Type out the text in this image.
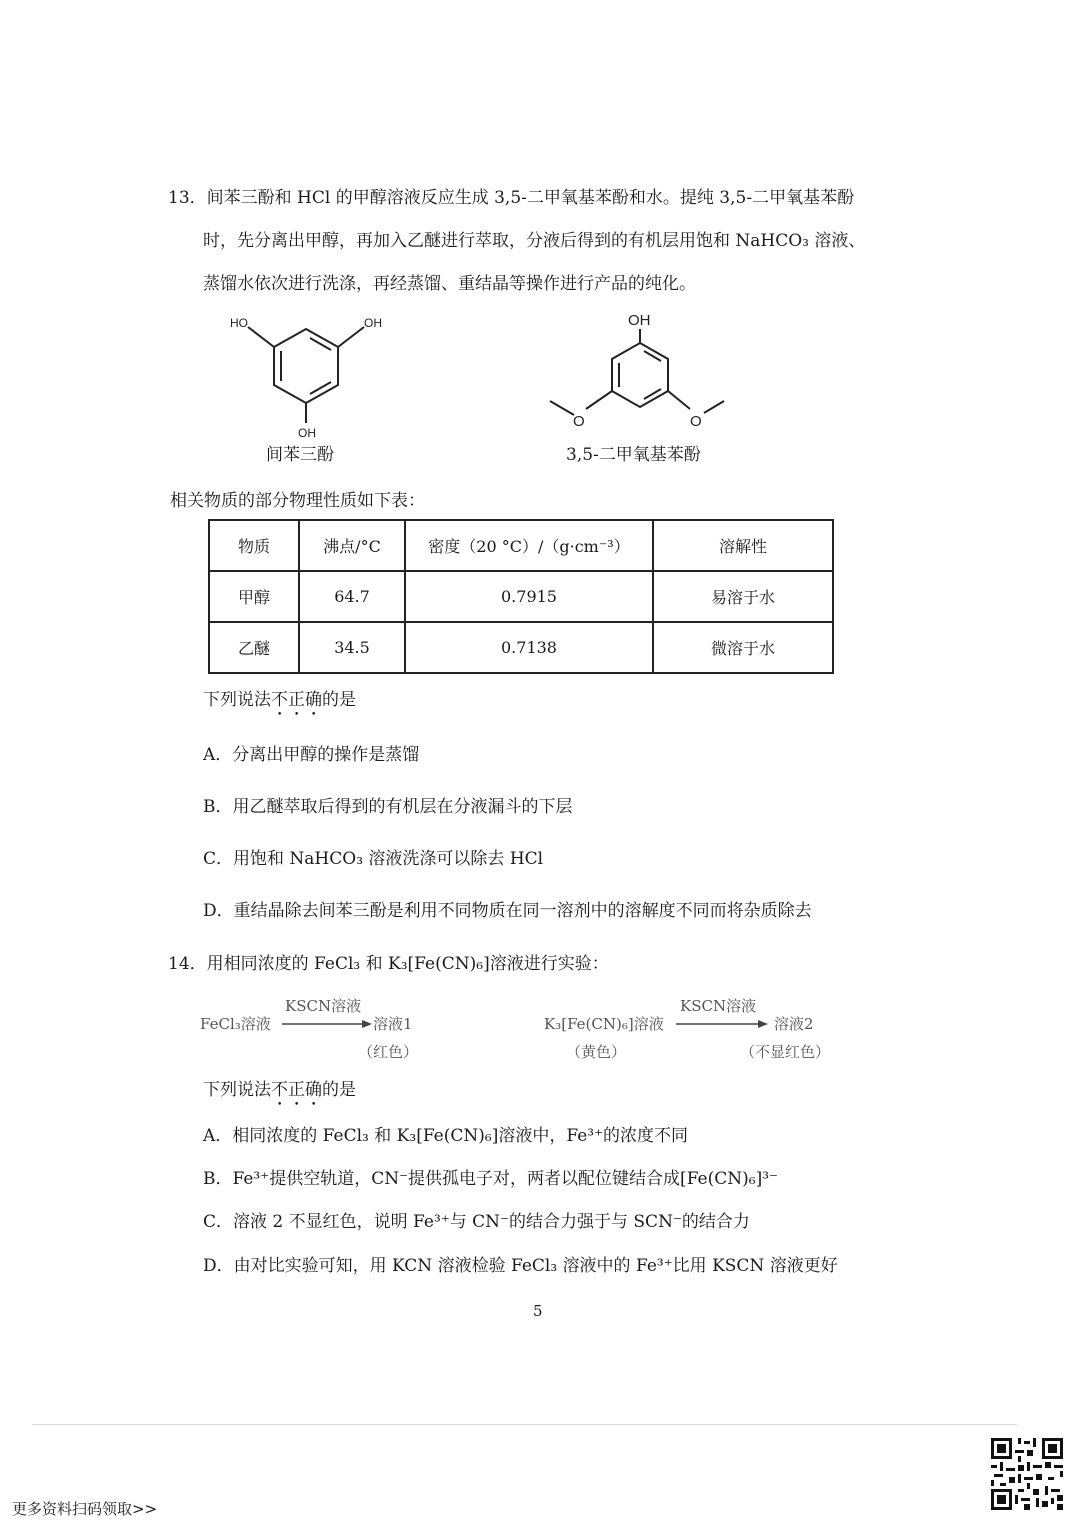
13．间苯三酚和 HCl 的甲醇溶液反应生成 3,5-二甲氧基苯酚和水。提纯 3,5-二甲氧基苯酚
时，先分离出甲醇，再加入乙醚进行萃取，分液后得到的有机层用饱和 NaHCO₃ 溶液、
蒸馏水依次进行洗涤，再经蒸馏、重结晶等操作进行产品的纯化。
HO	OH
OH
间苯三酚
OH
O	O
3,5-二甲氧基苯酚
相关物质的部分物理性质如下表：
物质	沸点/°C	密度（20 °C）/（g·cm⁻³）	溶解性
甲醇	64.7	0.7915	易溶于水
乙醚	34.5	0.7138	微溶于水
下列说法不正确的是
A．分离出甲醇的操作是蒸馏
B．用乙醚萃取后得到的有机层在分液漏斗的下层
C．用饱和 NaHCO₃ 溶液洗涤可以除去 HCl
D．重结晶除去间苯三酚是利用不同物质在同一溶剂中的溶解度不同而将杂质除去
14．用相同浓度的 FeCl₃ 和 K₃[Fe(CN)₆]溶液进行实验：
FeCl₃溶液
KSCN溶液
溶液1
（红色）
K₃[Fe(CN)₆]溶液
（黄色）
KSCN溶液
溶液2
（不显红色）
下列说法不正确的是
A．相同浓度的 FeCl₃ 和 K₃[Fe(CN)₆]溶液中，Fe³⁺的浓度不同
B．Fe³⁺提供空轨道，CN⁻提供孤电子对，两者以配位键结合成[Fe(CN)₆]³⁻
C．溶液 2 不显红色，说明 Fe³⁺与 CN⁻的结合力强于与 SCN⁻的结合力
D．由对比实验可知，用 KCN 溶液检验 FeCl₃ 溶液中的 Fe³⁺比用 KSCN 溶液更好
5
更多资料扫码领取>>
